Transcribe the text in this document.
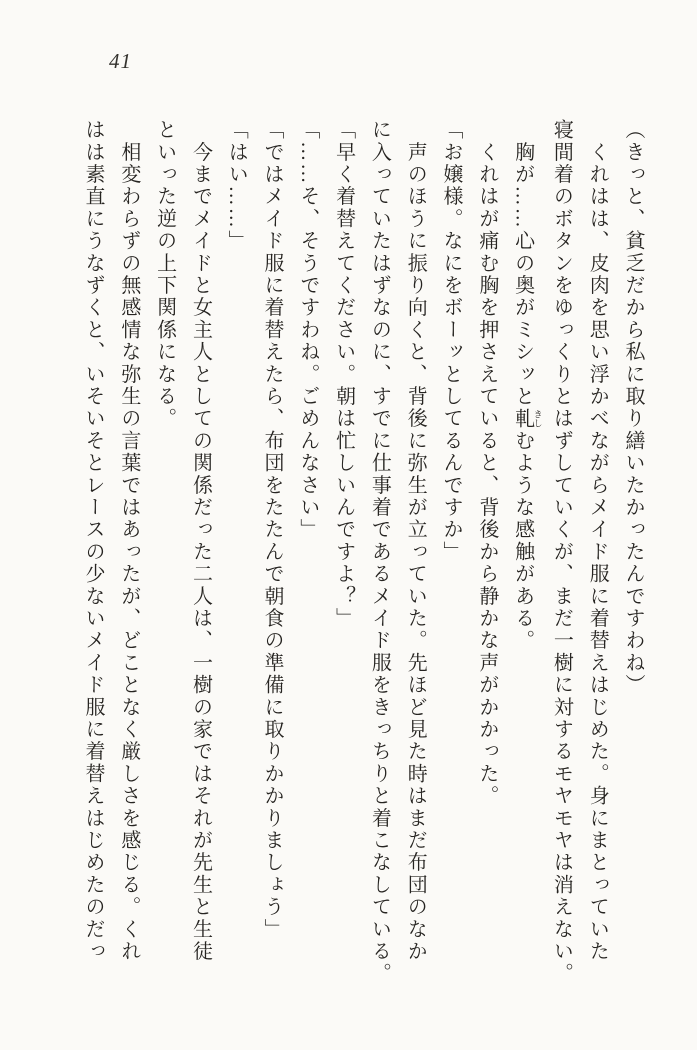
41

（きっと、貧乏だから私に取り繕いたかったんですわね）

　くれはは、皮肉を思い浮かべながらメイド服に着替えはじめた。身にまとっていた

寝間着のボタンをゆっくりとはずしていくが、まだ一樹に対するモヤモヤは消えない。

　胸が……心の奥がミシッと軋 きしむような感触がある。

　くれはが痛む胸を押さえていると、背後から静かな声がかかった。

「お嬢様。なにをボーッとしてるんですか」

　声のほうに振り向くと、背後に弥生が立っていた。先ほど見た時はまだ布団のなか

に入っていたはずなのに、すでに仕事着であるメイド服をきっちりと着こなしている。

「早く着替えてください。朝は忙しいんですよ？」

「……そ、そうですわね。ごめんなさい」

「ではメイド服に着替えたら、布団をたたんで朝食の準備に取りかかりましょう」

「はい……」

　今までメイドと女主人としての関係だった二人は、一樹の家ではそれが先生と生徒

といった逆の上下関係になる。

　相変わらずの無感情な弥生の言葉ではあったが、どことなく厳しさを感じる。くれ

はは素直にうなずくと、いそいそとレースの少ないメイド服に着替えはじめたのだっ
